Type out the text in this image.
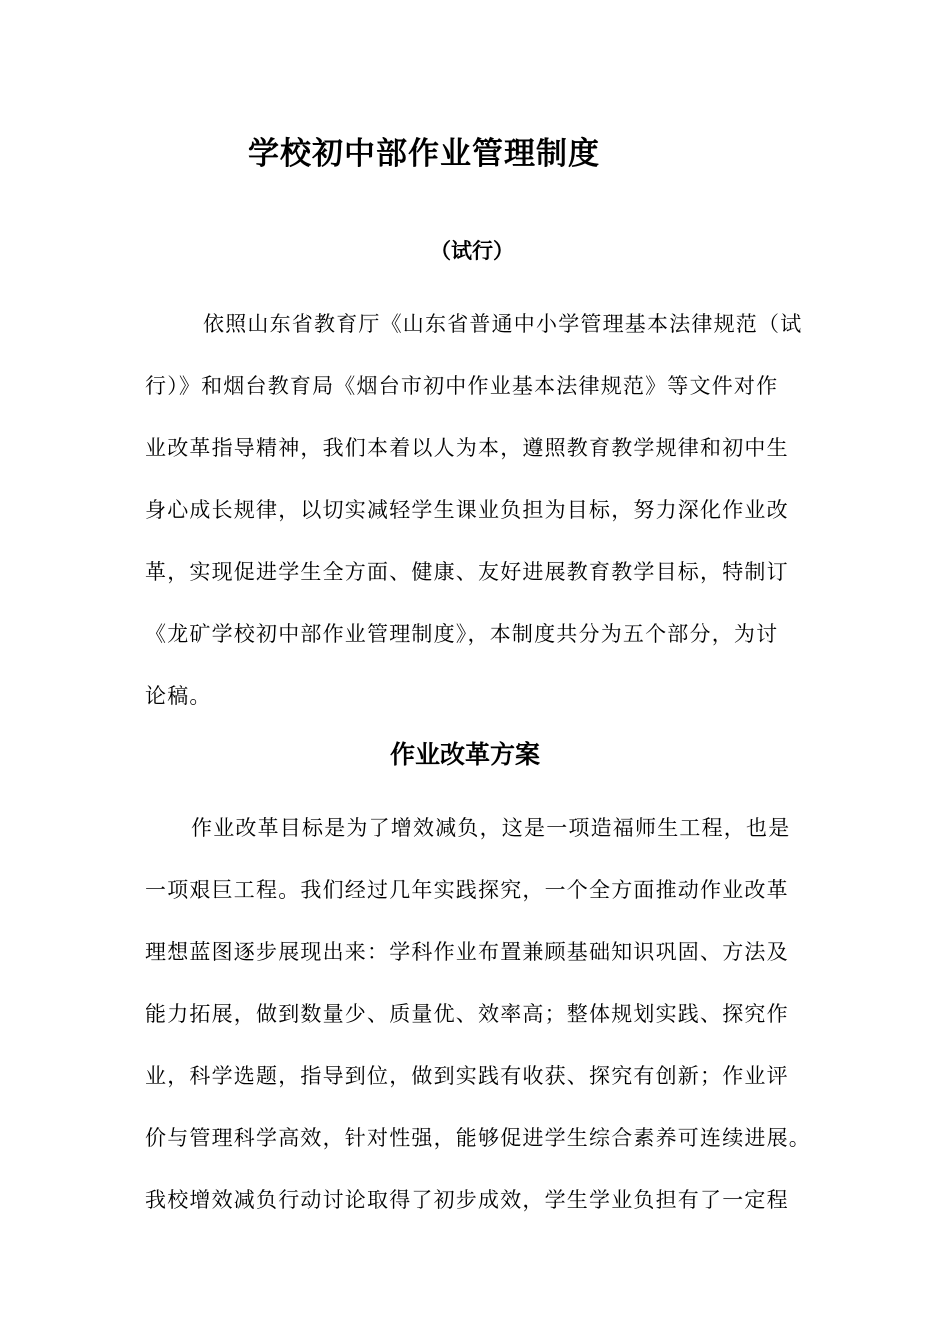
学校初中部作业管理制度
（试行）
依照山东省教育厅《山东省普通中小学管理基本法律规范（试
行）》和烟台教育局《烟台市初中作业基本法律规范》等文件对作
业改革指导精神，我们本着以人为本，遵照教育教学规律和初中生
身心成长规律，以切实减轻学生课业负担为目标，努力深化作业改
革，实现促进学生全方面、健康、友好进展教育教学目标，特制订
《龙矿学校初中部作业管理制度》，本制度共分为五个部分，为讨
论稿。
作业改革方案
作业改革目标是为了增效减负，这是一项造福师生工程，也是
一项艰巨工程。我们经过几年实践探究，一个全方面推动作业改革
理想蓝图逐步展现出来：学科作业布置兼顾基础知识巩固、方法及
能力拓展，做到数量少、质量优、效率高；整体规划实践、探究作
业，科学选题，指导到位，做到实践有收获、探究有创新；作业评
价与管理科学高效，针对性强，能够促进学生综合素养可连续进展。
我校增效减负行动讨论取得了初步成效，学生学业负担有了一定程
